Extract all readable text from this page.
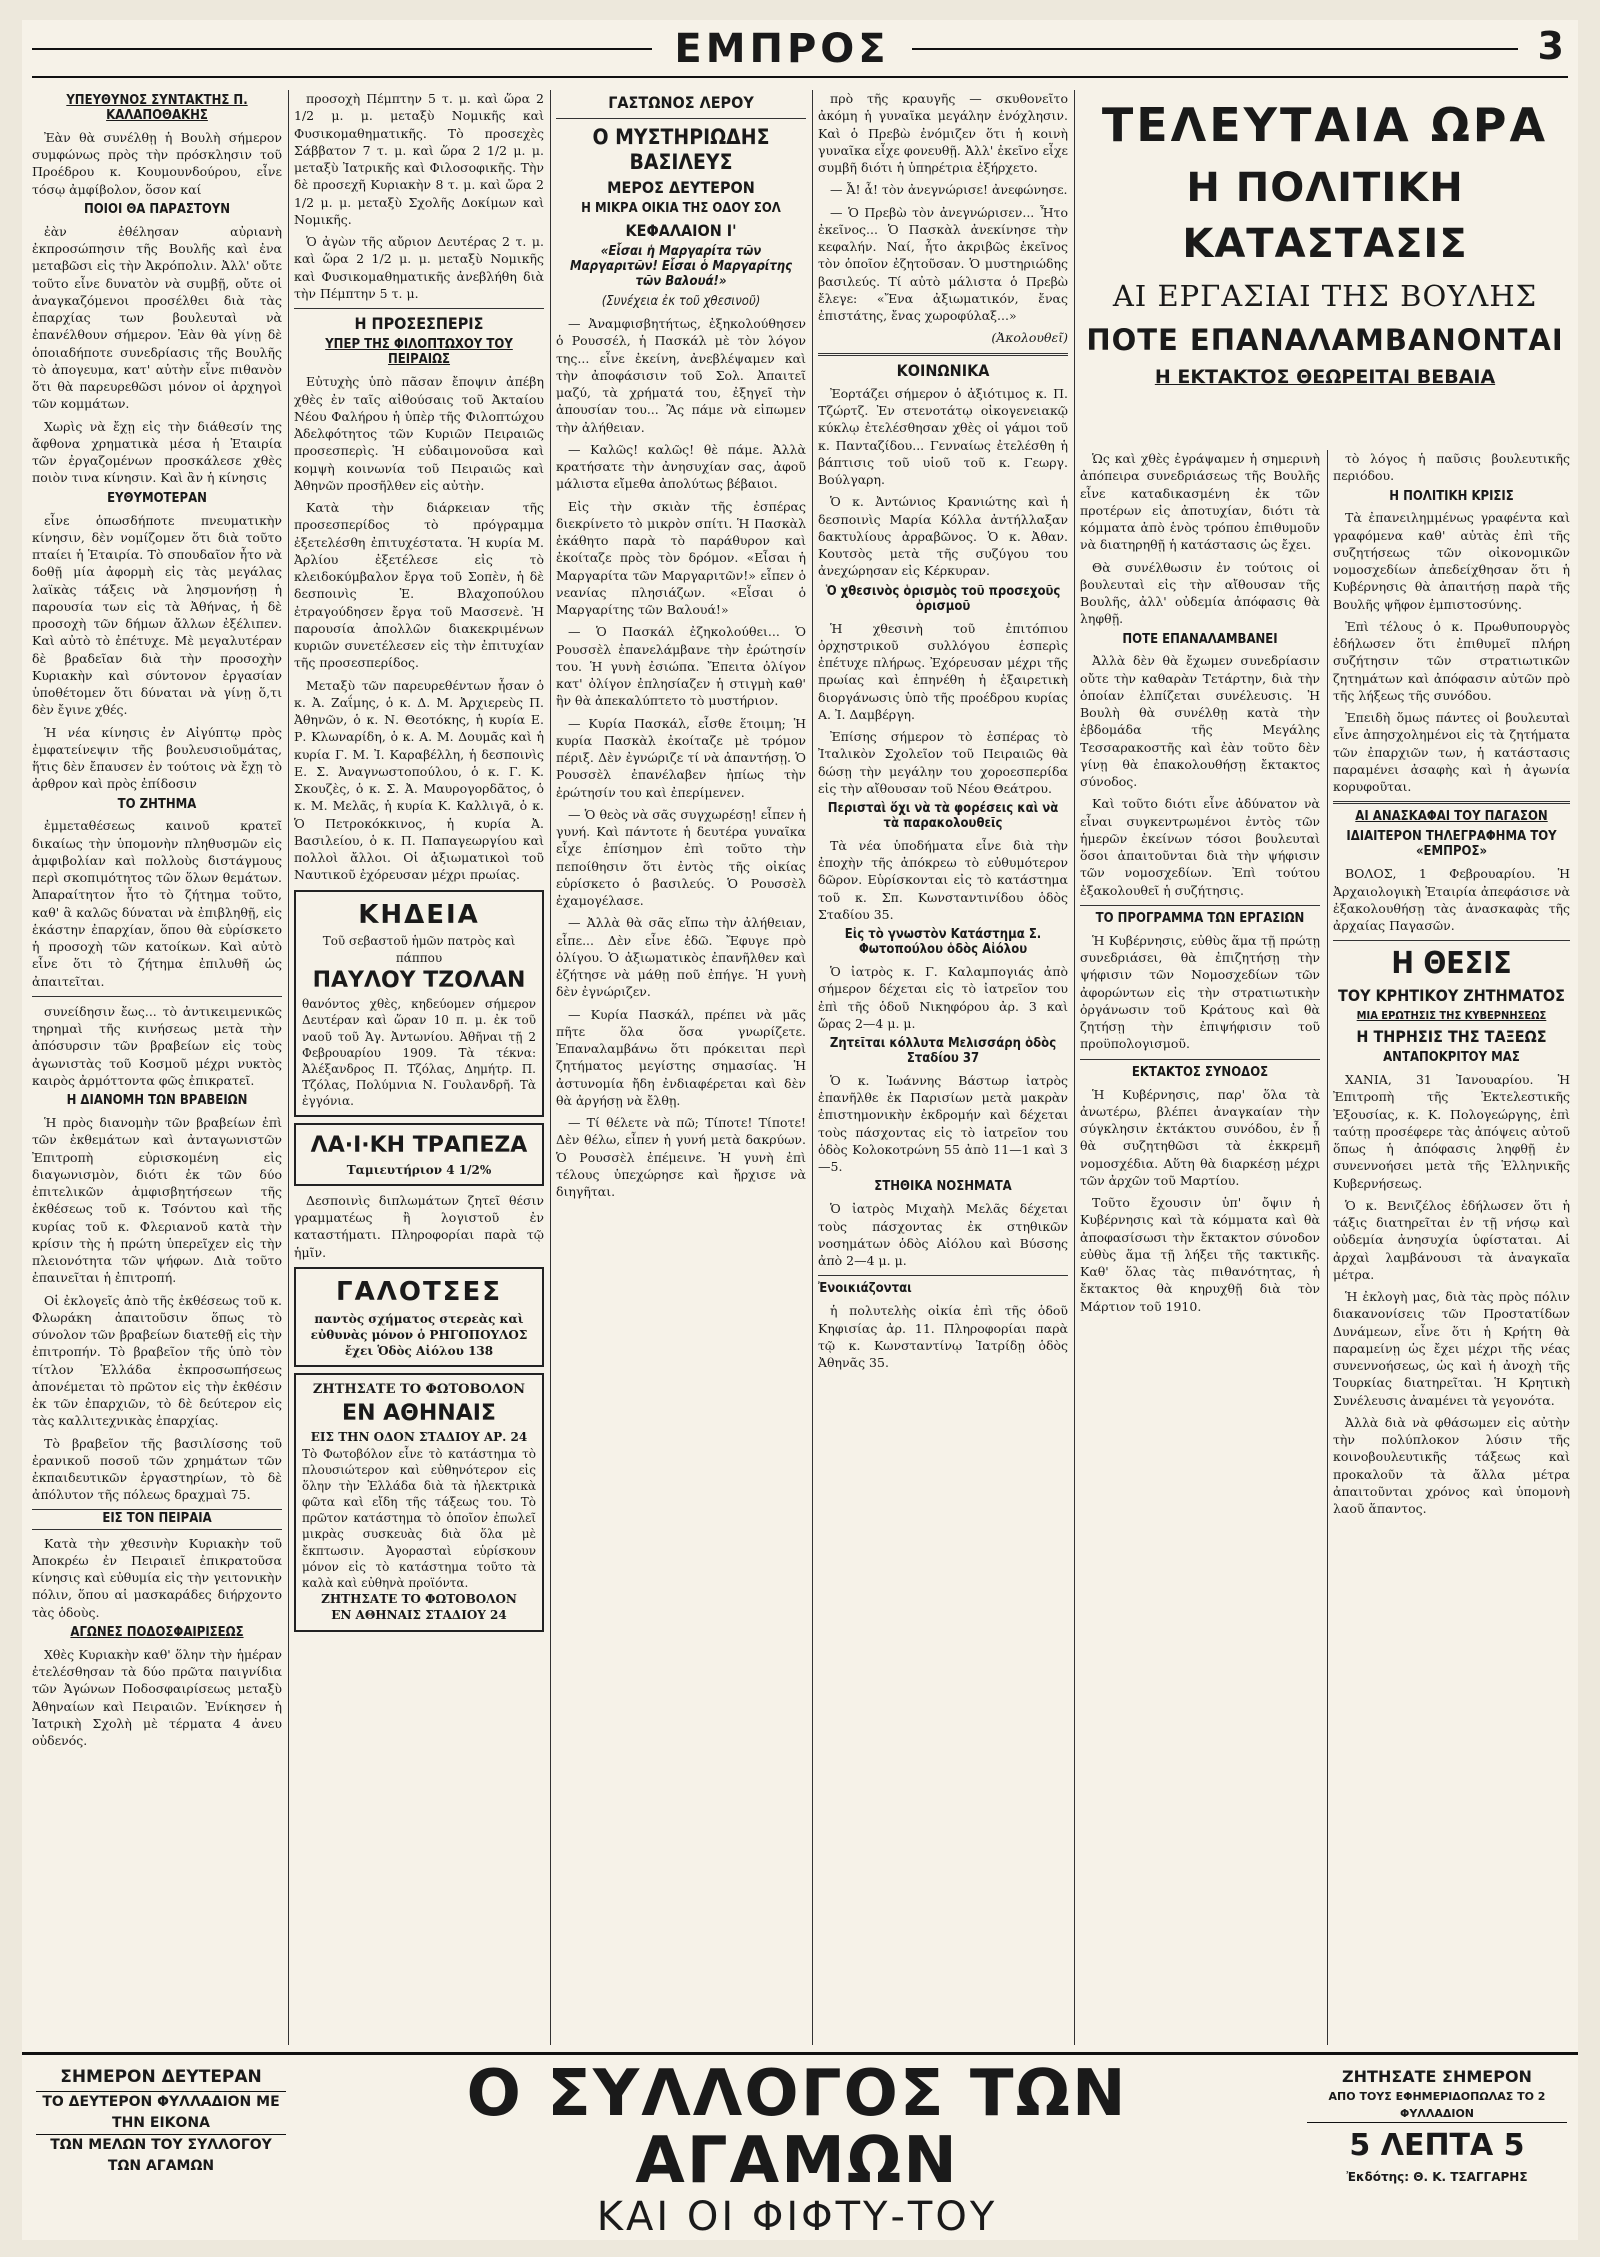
ΕΜΠΡΟΣ	3
ΥΠΕΥΘΥΝΟΣ ΣΥΝΤΑΚΤΗΣ Π. ΚΑΛΑΠΟΘΑΚΗΣ

Ἐὰν θὰ συνέλθῃ ἡ Βουλὴ σήμερον συμφώνως πρὸς τὴν πρόσκλησιν τοῦ Προέδρου κ. Κουμουνδούρου, εἶνε τόσῳ ἀμφίβολον, ὅσον καί

ΠΟΙΟΙ ΘΑ ΠΑΡΑΣΤΟΥΝ

ἐὰν ἐθέλησαν αὐριανὴ ἐκπροσώπησιν τῆς Βουλῆς καὶ ἐνα μεταβῶσι εἰς τὴν Ἀκρόπολιν. Ἀλλ' οὔτε τοῦτο εἶνε δυνατὸν νὰ συμβῇ, οὔτε οἱ ἀναγκαζόμενοι προσέλθει διὰ τὰς ἐπαρχίας των βουλευταὶ νὰ ἐπανέλθουν σήμερον. Ἐὰν θὰ γίνῃ δὲ ὁποιαδήποτε συνεδρίασις τῆς Βουλῆς τὸ ἀπογευμα, κατ' αὐτὴν εἶνε πιθανὸν ὅτι θὰ παρευρεθῶσι μόνον οἱ ἀρχηγοὶ τῶν κομμάτων.

Χωρὶς νὰ ἔχῃ εἰς τὴν διάθεσίν της ἄφθονα χρηματικὰ μέσα ἡ Ἑταιρία τῶν ἐργαζομένων προσκάλεσε χθὲς ποιὸν τινα κίνησιν. Καὶ ἂν ἡ κίνησις

ΕΥΘΥΜΟΤΕΡΑΝ

εἶνε ὁπωσδήποτε πνευματικὴν κίνησιν, δὲν νομίζομεν ὅτι διὰ τοῦτο πταίει ἡ Ἑταιρία. Τὸ σπουδαῖον ἦτο νὰ δοθῇ μία ἀφορμὴ εἰς τὰς μεγάλας λαϊκὰς τάξεις νὰ λησμονήσῃ ἡ παρουσία των εἰς τὰ Ἀθήνας, ἡ δὲ προσοχὴ τῶν δήμων ἄλλων ἐξέλιπεν. Καὶ αὐτὸ τὸ ἐπέτυχε. Μὲ μεγαλυτέραν δὲ βραδεῖαν διὰ τὴν προσοχὴν Κυριακὴν καὶ σύντονον ἐργασίαν ὑποθέτομεν ὅτι δύναται νὰ γίνῃ ὅ,τι δὲν ἔγινε χθές.

Ἡ νέα κίνησις ἐν Αἰγύπτῳ πρὸς ἐμφατείνεψιν τῆς βουλευσιοῦμάτας, ἥτις δὲν ἔπαυσεν ἐν τούτοις νὰ ἔχῃ τὸ ἀρθρον καὶ πρὸς ἐπίδοσιν

ΤΟ ΖΗΤΗΜΑ

ἐμμεταθέσεως καινοῦ κρατεῖ δικαίως τὴν ὑπομονὴν πληθυσμῶν εἰς ἀμφιβολίαν καὶ πολλοὺς διστάγμους περὶ σκοπιμότητος τῶν ὅλων θεμάτων. Ἀπαραίτητον ἦτο τὸ ζήτημα τοῦτο, καθ' ἃ καλῶς δύναται νὰ ἐπιβληθῇ, εἰς ἑκάστην ἐπαρχίαν, ὅπου θὰ εὑρίσκετο ἡ προσοχὴ τῶν κατοίκων. Καὶ αὐτὸ εἶνε ὅτι τὸ ζήτημα ἐπιλυθῆ ὡς ἀπαιτεῖται.

συνείδησιν ἔως... τὸ ἀντικειμενικῶς τηρημαὶ τῆς κινήσεως μετὰ τὴν ἀπόσυρσιν τῶν βραβείων εἰς τοὺς ἀγωνιστὰς τοῦ Κοσμοῦ μέχρι νυκτὸς καιρὸς ἀρμόττοντα φῶς ἐπικρατεῖ.

Η ΔΙΑΝΟΜΗ ΤΩΝ ΒΡΑΒΕΙΩΝ

Ἡ πρὸς διανομὴν τῶν βραβείων ἐπὶ τῶν ἐκθεμάτων καὶ ἀνταγωνιστῶν Ἐπιτροπὴ εὑρισκομένη εἰς διαγωνισμὸν, διότι ἐκ τῶν δύο ἐπιτελικῶν ἀμφισβητήσεων τῆς ἐκθέσεως τοῦ κ. Τσόντου καὶ τῆς κυρίας τοῦ κ. Φλεριανοῦ κατὰ τὴν κρίσιν τὴς ἡ πρώτη ὑπερεῖχεν εἰς τὴν πλειονότητα τῶν ψήφων. Διὰ τοῦτο ἐπαινεῖται ἡ ἐπιτροπή.

Οἱ ἐκλογεῖς ἀπὸ τῆς ἐκθέσεως τοῦ κ. Φλωράκη ἀπαιτοῦσιν ὅπως τὸ σύνολον τῶν βραβείων διατεθῇ εἰς τὴν ἐπιτροπήν. Τὸ βραβεῖον τῆς ὑπὸ τὸν τίτλον Ἑλλάδα ἐκπροσωπήσεως ἀπονέμεται τὸ πρῶτον εἰς τὴν ἐκθέσιν ἐκ τῶν ἐπαρχιῶν, τὸ δὲ δεύτερον εἰς τὰς καλλιτεχνικὰς ἐπαρχίας.

Τὸ βραβεῖον τῆς βασιλίσσης τοῦ ἐρανικοῦ ποσοῦ τῶν χρημάτων τῶν ἐκπαιδευτικῶν ἐργαστηρίων, τὸ δὲ ἀπόλυτον τῆς πόλεως δραχμαὶ 75.

ΕΙΣ ΤΟΝ ΠΕΙΡΑΙΑ

Κατὰ τὴν χθεσινὴν Κυριακὴν τοῦ Ἀποκρέω ἐν Πειραιεῖ ἐπικρατοῦσα κίνησις καὶ εὐθυμία εἰς τὴν γειτονικὴν πόλιν, ὅπου αἱ μασκαράδες διήρχοντο τὰς ὁδοὺς.

ΑΓΩΝΕΣ ΠΟΔΟΣΦΑΙΡΙΣΕΩΣ

Χθὲς Κυριακὴν καθ' ὅλην τὴν ἡμέραν ἐτελέσθησαν τὰ δύο πρῶτα παιγνίδια τῶν Ἀγώνων Ποδοσφαιρίσεως μεταξὺ Ἀθηναίων καὶ Πειραιῶν. Ἐνίκησεν ἡ Ἰατρικὴ Σχολὴ μὲ τέρματα 4 ἀνευ οὐδενός.

προσοχὴ Πέμπτην 5 τ. μ. καὶ ὥρα 2 1/2 μ. μ. μεταξὺ Νομικῆς καὶ Φυσικομαθηματικῆς. Τὸ προσεχὲς Σάββατον 7 τ. μ. καὶ ὥρα 2 1/2 μ. μ. μεταξὺ Ἰατρικῆς καὶ Φιλοσοφικῆς. Τὴν δὲ προσεχῆ Κυριακὴν 8 τ. μ. καὶ ὥρα 2 1/2 μ. μ. μεταξὺ Σχολῆς Δοκίμων καὶ Νομικῆς.

Ὁ ἀγὼν τῆς αὔριον Δευτέρας 2 τ. μ. καὶ ὥρα 2 1/2 μ. μ. μεταξὺ Νομικῆς καὶ Φυσικομαθηματικῆς ἀνεβλήθη διὰ τὴν Πέμπτην 5 τ. μ.

Η ΠΡΟΣΕΣΠΕΡΙΣ
ΥΠΕΡ ΤΗΣ ΦΙΛΟΠΤΩΧΟΥ ΤΟΥ ΠΕΙΡΑΙΩΣ

Εὐτυχὴς ὑπὸ πᾶσαν ἔποψιν ἀπέβη χθὲς ἐν ταῖς αἰθούσαις τοῦ Ἀκταίου Νέου Φαλήρου ἡ ὑπὲρ τῆς Φιλοπτώχου Ἀδελφότητος τῶν Κυριῶν Πειραιῶς προσεσπερὶς. Ἡ εὐδαιμονοῦσα καὶ κομψὴ κοινωνία τοῦ Πειραιῶς καὶ Ἀθηνῶν προσῆλθεν εἰς αὐτὴν.

Κατὰ τὴν διάρκειαν τῆς προσεσπερίδος τὸ πρόγραμμα ἐξετελέσθη ἐπιτυχέστατα. Ἡ κυρία Μ. Ἀρλίου ἐξετέλεσε εἰς τὸ κλειδοκύμβαλον ἔργα τοῦ Σοπὲν, ἡ δὲ δεσποινὶς Ἑ. Βλαχοπούλου ἐτραγούδησεν ἔργα τοῦ Μασσενὲ. Ἡ παρουσία ἀπολλῶν διακεκριμένων κυριῶν συνετέλεσεν εἰς τὴν ἐπιτυχίαν τῆς προσεσπερίδος.

Μεταξὺ τῶν παρευρεθέντων ἦσαν ὁ κ. Ἀ. Ζαΐμης, ὁ κ. Δ. Μ. Ἀρχιερεὺς Π. Ἀθηνῶν, ὁ κ. Ν. Θεοτόκης, ἡ κυρία Ε. Ρ. Κλωναρίδη, ὁ κ. Α. Μ. Δουμᾶς καὶ ἡ κυρία Γ. Μ. Ἰ. Καραβέλλη, ἡ δεσποινὶς Ε. Σ. Ἀναγνωστοπούλου, ὁ κ. Γ. Κ. Σκουζὲς, ὁ κ. Σ. Ἀ. Μαυρογορδᾶτος, ὁ κ. Μ. Μελᾶς, ἡ κυρία Κ. Καλλιγᾶ, ὁ κ. Ὁ Πετροκόκκινος, ἡ κυρία Ἀ. Βασιλείου, ὁ κ. Π. Παπαγεωργίου καὶ πολλοὶ ἄλλοι. Οἱ ἀξιωματικοὶ τοῦ Ναυτικοῦ ἐχόρευσαν μέχρι πρωίας.

ΚΗΔΕΙΑ
Τοῦ σεβαστοῦ ἡμῶν πατρὸς καὶ πάππου
ΠΑΥΛΟΥ ΤΖΟΛΑΝ
θανόντος χθὲς, κηδεύομεν σήμερον Δευτέραν καὶ ὥραν 10 π. μ. ἐκ τοῦ ναοῦ τοῦ Ἁγ. Ἀντωνίου. Ἀθῆναι τῇ 2 Φεβρουαρίου 1909. Τὰ τέκνα: Ἀλέξανδρος Π. Τζόλας, Δημήτρ. Π. Τζόλας, Πολύμνια Ν. Γουλανδρῆ. Τὰ ἐγγόνια.
ΛΑ·Ι·ΚΗ ΤΡΑΠΕΖΑ
Ταμιευτήριον 4 1/2%

Δεσποινὶς διπλωμάτων ζητεῖ θέσιν γραμματέως ἢ λογιστοῦ ἐν καταστήματι. Πληροφορίαι παρὰ τῷ ἡμῖν.

ΓΑΛΟΤΣΕΣ
παντὸς σχήματος στερεὰς καὶ εὐθυνὰς μόνον ὁ ΡΗΓΟΠΟΥΛΟΣ ἔχει Ὁδὸς Αἰόλου 138
ΖΗΤΗΣΑΤΕ ΤΟ ΦΩΤΟΒΟΛΟΝ
ΕΝ ΑΘΗΝΑΙΣ
ΕΙΣ ΤΗΝ ΟΔΟΝ ΣΤΑΔΙΟΥ ΑΡ. 24
Τὸ Φωτοβόλον εἶνε τὸ κατάστημα τὸ πλουσιώτερον καὶ εὐθηνότερον εἰς ὅλην τὴν Ἑλλάδα διὰ τὰ ἠλεκτρικὰ φῶτα καὶ εἴδη τῆς τάξεως του. Τὸ πρῶτον κατάστημα τὸ ὁποῖον ἐπωλεῖ μικρὰς συσκευὰς διὰ ὅλα μὲ ἔκπτωσιν. Ἀγορασταὶ εὑρίσκουν μόνον εἰς τὸ κατάστημα τοῦτο τὰ καλὰ καὶ εὐθηνὰ προϊόντα.
ΖΗΤΗΣΑΤΕ ΤΟ ΦΩΤΟΒΟΛΟΝ
ΕΝ ΑΘΗΝΑΙΣ ΣΤΑΔΙΟΥ 24
ΓΑΣΤΩΝΟΣ ΛΕΡΟΥ
Ο ΜΥΣΤΗΡΙΩΔΗΣ ΒΑΣΙΛΕΥΣ
ΜΕΡΟΣ ΔΕΥΤΕΡΟΝ
Η ΜΙΚΡΑ ΟΙΚΙΑ ΤΗΣ ΟΔΟΥ ΣΟΛ
ΚΕΦΑΛΑΙΟΝ Ι'
«Εἶσαι ἡ Μαργαρίτα τῶν Μαργαριτῶν! Εἶσαι ὁ Μαργαρίτης τῶν Βαλουά!»
(Συνέχεια ἐκ τοῦ χθεσινοῦ)

— Ἀναμφισβητήτως, ἐξηκολούθησεν ὁ Ρουσσέλ, ἡ Πασκάλ μὲ τὸν λόγον της... εἶνε ἐκείνη, ἀνεβλέψαμεν καὶ τὴν ἀποφάσισιν τοῦ Σολ. Ἀπαιτεῖ μαζύ, τὰ χρήματά του, ἐξηγεῖ τὴν ἀπουσίαν του... Ἂς πάμε νὰ εἰπωμεν τὴν ἀλήθειαν.

— Καλῶς! καλῶς! θὲ πάμε. Ἀλλὰ κρατήσατε τὴν ἀνησυχίαν σας, ἀφοῦ μάλιστα εἴμεθα ἀπολύτως βέβαιοι.

Εἰς τὴν σκιὰν τῆς ἐσπέρας διεκρίνετο τὸ μικρὸν σπίτι. Ἡ Πασκὰλ ἐκάθητο παρὰ τὸ παράθυρον καὶ ἐκοίταζε πρὸς τὸν δρόμον. «Εἶσαι ἡ Μαργαρίτα τῶν Μαργαριτῶν!» εἶπεν ὁ νεανίας πλησιάζων. «Εἶσαι ὁ Μαργαρίτης τῶν Βαλουά!»

— Ὁ Πασκάλ ἐζηκολούθει... Ὁ Ρουσσὲλ ἐπανελάμβανε τὴν ἐρώτησίν του. Ἡ γυνὴ ἐσιώπα. Ἔπειτα ὀλίγον κατ' ὀλίγον ἐπλησίαζεν ἡ στιγμὴ καθ' ἣν θὰ ἀπεκαλύπτετο τὸ μυστήριον.

— Κυρία Πασκάλ, εἶσθε ἕτοιμη; Ἡ κυρία Πασκὰλ ἐκοίταζε μὲ τρόμον πέριξ. Δὲν ἐγνώριζε τί νὰ ἀπαντήσῃ. Ὁ Ρουσσὲλ ἐπανέλαβεν ἠπίως τὴν ἐρώτησίν του καὶ ἐπερίμενεν.

— Ὁ θεὸς νὰ σᾶς συγχωρέσῃ! εἶπεν ἡ γυνή. Καὶ πάντοτε ἡ δευτέρα γυναῖκα εἶχε ἐπίσημον ἐπὶ τοῦτο τὴν πεποίθησιν ὅτι ἐντὸς τῆς οἰκίας εὑρίσκετο ὁ βασιλεύς. Ὁ Ρουσσὲλ ἐχαμογέλασε.

— Ἀλλὰ θὰ σᾶς εἴπω τὴν ἀλήθειαν, εἶπε... Δὲν εἶνε ἐδῶ. Ἔφυγε πρὸ ὀλίγου. Ὁ ἀξιωματικὸς ἐπανῆλθεν καὶ ἐζήτησε νὰ μάθῃ ποῦ ἐπήγε. Ἡ γυνὴ δὲν ἐγνώριζεν.

— Κυρία Πασκάλ, πρέπει νὰ μᾶς πῆτε ὅλα ὅσα γνωρίζετε. Ἐπαναλαμβάνω ὅτι πρόκειται περὶ ζητήματος μεγίστης σημασίας. Ἡ ἀστυνομία ἤδη ἐνδιαφέρεται καὶ δὲν θὰ ἀργήσῃ νὰ ἔλθῃ.

— Τί θέλετε νὰ πῶ; Τίποτε! Τίποτε! Δὲν θέλω, εἶπεν ἡ γυνή μετὰ δακρύων. Ὁ Ρουσσὲλ ἐπέμεινε. Ἡ γυνὴ ἐπὶ τέλους ὑπεχώρησε καὶ ἤρχισε νὰ διηγῆται.

πρὸ τῆς κραυγῆς — σκυθονεῖτο ἀκόμη ἡ γυναῖκα μεγάλην ἐνόχλησιν. Καὶ ὁ Πρεβὼ ἐνόμιζεν ὅτι ἡ κοινὴ γυναῖκα εἶχε φονευθῇ. Ἀλλ' ἐκεῖνο εἶχε συμβῆ διότι ἡ ὑπηρέτρια ἐξήρχετο.

— Ἆ! ἆ! τὸν ἀνεγνώρισε! ἀνεφώνησε.

— Ὁ Πρεβὼ τὸν ἀνεγνώρισεν... Ἦτο ἐκεῖνος... Ὁ Πασκὰλ ἀνεκίνησε τὴν κεφαλήν. Ναί, ἦτο ἀκριβῶς ἐκεῖνος τὸν ὁποῖον ἐζητοῦσαν. Ὁ μυστηριώδης βασιλεύς. Τί αὐτὸ μάλιστα ὁ Πρεβὼ ἔλεγε: «Ἔνα ἀξιωματικόν, ἔνας ἐπιστάτης, ἔνας χωροφύλαξ...»

(Ἀκολουθεῖ)
ΚΟΙΝΩΝΙΚΑ

Ἐορτάζει σήμερον ὁ ἀξιότιμος κ. Π. Τζώρτζ. Ἐν στενοτάτῳ οἰκογενειακῷ κύκλῳ ἐτελέσθησαν χθὲς οἱ γάμοι τοῦ κ. Πανταζίδου... Γενναίως ἐτελέσθη ἡ βάπτισις τοῦ υἱοῦ τοῦ κ. Γεωργ. Βούλγαρη.

Ὁ κ. Ἀντώνιος Κρανιώτης καὶ ἡ δεσποινὶς Μαρία Κόλλα ἀντήλλαξαν δακτυλίους ἀρραβῶνος. Ὁ κ. Ἀθαν. Κουτσὸς μετὰ τῆς συζύγου του ἀνεχώρησαν εἰς Κέρκυραν.

Ὁ χθεσινὸς ὁρισμὸς τοῦ προσεχοῦς ὁρισμοῦ

Ἡ χθεσινὴ τοῦ ἐπιτόπιου ὀρχηστρικοῦ συλλόγου ἑσπερὶς ἐπέτυχε πλήρως. Ἐχόρευσαν μέχρι τῆς πρωίας καὶ ἐπηνέθη ἡ ἐξαιρετικὴ διοργάνωσις ὑπὸ τῆς προέδρου κυρίας Α. Ἰ. Δαμβέργη.

Ἐπίσης σήμερον τὸ ἑσπέρας τὸ Ἰταλικὸν Σχολεῖον τοῦ Πειραιῶς θὰ δώσῃ τὴν μεγάλην του χοροεσπερίδα εἰς τὴν αἴθουσαν τοῦ Νέου Θεάτρου.

Περισταὶ ὅχι νὰ τὰ φορέσεις καὶ νὰ τὰ παρακολουθεῖς

Τὰ νέα ὑποδήματα εἶνε διὰ τὴν ἐποχὴν τῆς ἀπόκρεω τὸ εὐθυμότερον δῶρον. Εὑρίσκονται εἰς τὸ κατάστημα τοῦ κ. Σπ. Κωνσταντινίδου ὁδὸς Σταδίου 35.

Εἰς τὸ γνωστὸν Κατάστημα Σ. Φωτοπούλου ὁδὸς Αἰόλου

Ὁ ἰατρὸς κ. Γ. Καλαμπογιάς ἀπὸ σήμερον δέχεται εἰς τὸ ἰατρεῖον του ἐπὶ τῆς ὁδοῦ Νικηφόρου ἀρ. 3 καὶ ὥρας 2—4 μ. μ.

Ζητεῖται κόλλυτα Μελισσάρη ὁδὸς Σταδίου 37

Ὁ κ. Ἰωάννης Βάστωρ ἰατρὸς ἐπανῆλθε ἐκ Παρισίων μετὰ μακρὰν ἐπιστημονικὴν ἐκδρομήν καὶ δέχεται τοὺς πάσχοντας εἰς τὸ ἰατρεῖον του ὁδὸς Κολοκοτρώνη 55 ἀπὸ 11—1 καὶ 3—5.

ΣΤΗΘΙΚΑ ΝΟΣΗΜΑΤΑ

Ὁ ἰατρὸς Μιχαὴλ Μελᾶς δέχεται τοὺς πάσχοντας ἐκ στηθικῶν νοσημάτων ὁδὸς Αἰόλου καὶ Βύσσης ἀπὸ 2—4 μ. μ.

Ἐνοικιάζονται

ἡ πολυτελὴς οἰκία ἐπὶ τῆς ὁδοῦ Κηφισίας ἀρ. 11. Πληροφορίαι παρὰ τῷ κ. Κωνσταντίνῳ Ἰατρίδῃ ὁδὸς Ἀθηνᾶς 35.

ΤΕΛΕΥΤΑΙΑ ΩΡΑ
Η ΠΟΛΙΤΙΚΗ ΚΑΤΑΣΤΑΣΙΣ
ΑΙ ΕΡΓΑΣΙΑΙ ΤΗΣ ΒΟΥΛΗΣ
ΠΟΤΕ ΕΠΑΝΑΛΑΜΒΑΝΟΝΤΑΙ
Η ΕΚΤΑΚΤΟΣ ΘΕΩΡΕΙΤΑΙ ΒΕΒΑΙΑ

Ὡς καὶ χθὲς ἐγράψαμεν ἡ σημερινὴ ἀπόπειρα συνεδριάσεως τῆς Βουλῆς εἶνε καταδικασμένη ἐκ τῶν προτέρων εἰς ἀποτυχίαν, διότι τὰ κόμματα ἀπὸ ἑνὸς τρόπου ἐπιθυμοῦν νὰ διατηρηθῇ ἡ κατάστασις ὡς ἔχει.

Θὰ συνέλθωσιν ἐν τούτοις οἱ βουλευταὶ εἰς τὴν αἴθουσαν τῆς Βουλῆς, ἀλλ' οὐδεμία ἀπόφασις θὰ ληφθῇ.

ΠΟΤΕ ΕΠΑΝΑΛΑΜΒΑΝΕΙ

Ἀλλὰ δὲν θὰ ἔχωμεν συνεδρίασιν οὔτε τὴν καθαρὰν Τετάρτην, διὰ τὴν ὁποίαν ἐλπίζεται συνέλευσις. Ἡ Βουλὴ θὰ συνέλθῃ κατὰ τὴν ἑβδομάδα τῆς Μεγάλης Τεσσαρακοστῆς καὶ ἐὰν τοῦτο δὲν γίνῃ θὰ ἐπακολουθήσῃ ἔκτακτος σύνοδος.

Καὶ τοῦτο διότι εἶνε ἀδύνατον νὰ εἶναι συγκεντρωμένοι ἐντὸς τῶν ἡμερῶν ἐκείνων τόσοι βουλευταὶ ὅσοι ἀπαιτοῦνται διὰ τὴν ψήφισιν τῶν νομοσχεδίων. Ἐπὶ τούτου ἐξακολουθεῖ ἡ συζήτησις.

ΤΟ ΠΡΟΓΡΑΜΜΑ ΤΩΝ ΕΡΓΑΣΙΩΝ

Ἡ Κυβέρνησις, εὐθὺς ἅμα τῇ πρώτῃ συνεδριάσει, θὰ ἐπιζητήσῃ τὴν ψήφισιν τῶν Νομοσχεδίων τῶν ἀφορώντων εἰς τὴν στρατιωτικὴν ὀργάνωσιν τοῦ Κράτους καὶ θὰ ζητήσῃ τὴν ἐπιψήφισιν τοῦ προϋπολογισμοῦ.

ΕΚΤΑΚΤΟΣ ΣΥΝΟΔΟΣ

Ἡ Κυβέρνησις, παρ' ὅλα τὰ ἀνωτέρω, βλέπει ἀναγκαίαν τὴν σύγκλησιν ἐκτάκτου συνόδου, ἐν ᾗ θὰ συζητηθῶσι τὰ ἐκκρεμῆ νομοσχέδια. Αὕτη θὰ διαρκέσῃ μέχρι τῶν ἀρχῶν τοῦ Μαρτίου.

Τοῦτο ἔχουσιν ὑπ' ὄψιν ἡ Κυβέρνησις καὶ τὰ κόμματα καὶ θὰ ἀποφασίσωσι τὴν ἔκτακτον σύνοδον εὐθὺς ἅμα τῇ λήξει τῆς τακτικῆς. Καθ' ὅλας τὰς πιθανότητας, ἡ ἔκτακτος θὰ κηρυχθῇ διὰ τὸν Μάρτιον τοῦ 1910.

τὸ λόγος ἡ παῦσις βουλευτικῆς περιόδου.

Η ΠΟΛΙΤΙΚΗ ΚΡΙΣΙΣ

Τὰ ἐπανειλημμένως γραφέντα καὶ γραφόμενα καθ' αὐτὰς ἐπὶ τῆς συζητήσεως τῶν οἰκονομικῶν νομοσχεδίων ἀπεδείχθησαν ὅτι ἡ Κυβέρνησις θὰ ἀπαιτήσῃ παρὰ τῆς Βουλῆς ψῆφον ἐμπιστοσύνης.

Ἐπὶ τέλους ὁ κ. Πρωθυπουργὸς ἐδήλωσεν ὅτι ἐπιθυμεῖ πλήρη συζήτησιν τῶν στρατιωτικῶν ζητημάτων καὶ ἀπόφασιν αὐτῶν πρὸ τῆς λήξεως τῆς συνόδου.

Ἐπειδὴ ὅμως πάντες οἱ βουλευταὶ εἶνε ἀπησχολημένοι εἰς τὰ ζητήματα τῶν ἐπαρχιῶν των, ἡ κατάστασις παραμένει ἀσαφὴς καὶ ἡ ἀγωνία κορυφοῦται.

ΑΙ ΑΝΑΣΚΑΦΑΙ ΤΟΥ ΠΑΓΑΣΟΝ
ΙΔΙΑΙΤΕΡΟΝ ΤΗΛΕΓΡΑΦΗΜΑ ΤΟΥ «ΕΜΠΡΟΣ»

ΒΟΛΟΣ, 1 Φεβρουαρίου. Ἡ Ἀρχαιολογικὴ Ἑταιρία ἀπεφάσισε νὰ ἐξακολουθήσῃ τὰς ἀνασκαφὰς τῆς ἀρχαίας Παγασῶν.

Η ΘΕΣΙΣ
ΤΟΥ ΚΡΗΤΙΚΟΥ ΖΗΤΗΜΑΤΟΣ
ΜΙΑ ΕΡΩΤΗΣΙΣ ΤΗΣ ΚΥΒΕΡΝΗΣΕΩΣ
Η ΤΗΡΗΣΙΣ ΤΗΣ ΤΑΞΕΩΣ
ΑΝΤΑΠΟΚΡΙΤΟΥ ΜΑΣ

ΧΑΝΙΑ, 31 Ἰανουαρίου. Ἡ Ἐπιτροπὴ τῆς Ἐκτελεστικῆς Ἐξουσίας, κ. Κ. Πολογεώργης, ἐπὶ ταύτῃ προσέφερε τὰς ἀπόψεις αὐτοῦ ὅπως ἡ ἀπόφασις ληφθῇ ἐν συνεννοήσει μετὰ τῆς Ἑλληνικῆς Κυβερνήσεως.

Ὁ κ. Βενιζέλος ἐδήλωσεν ὅτι ἡ τάξις διατηρεῖται ἐν τῇ νήσῳ καὶ οὐδεμία ἀνησυχία ὑφίσταται. Αἱ ἀρχαὶ λαμβάνουσι τὰ ἀναγκαῖα μέτρα.

Ἡ ἐκλογὴ μας, διὰ τὰς πρὸς πόλιν διακανονίσεις τῶν Προστατίδων Δυνάμεων, εἶνε ὅτι ἡ Κρήτη θὰ παραμείνῃ ὡς ἔχει μέχρι τῆς νέας συνεννοήσεως, ὡς καὶ ἡ ἀνοχὴ τῆς Τουρκίας διατηρεῖται. Ἡ Κρητικὴ Συνέλευσις ἀναμένει τὰ γεγονότα.

Ἀλλὰ διὰ νὰ φθάσωμεν εἰς αὐτὴν τὴν πολύπλοκον λύσιν τῆς κοινοβουλευτικῆς τάξεως καὶ προκαλοῦν τὰ ἄλλα μέτρα ἀπαιτοῦνται χρόνος καὶ ὑπομονὴ λαοῦ ἅπαντος.

ΣΗΜΕΡΟΝ ΔΕΥΤΕΡΑΝ
ΤΟ ΔΕΥΤΕΡΟΝ ΦΥΛΛΑΔΙΟΝ ΜΕ ΤΗΝ ΕΙΚΟΝΑ
ΤΩΝ ΜΕΛΩΝ ΤΟΥ ΣΥΛΛΟΓΟΥ ΤΩΝ ΑΓΑΜΩΝ
Ο ΣΥΛΛΟΓΟΣ ΤΩΝ ΑΓΑΜΩΝ
ΚΑΙ ΟΙ ΦΙΦΤΥ-ΤΟΥ
ΖΗΤΗΣΑΤΕ ΣΗΜΕΡΟΝ
ΑΠΟ ΤΟΥΣ ΕΦΗΜΕΡΙΔΟΠΩΛΑΣ ΤΟ 2 ΦΥΛΛΑΔΙΟΝ
5 ΛΕΠΤΑ 5
Ἐκδότης: Θ. Κ. ΤΣΑΓΓΑΡΗΣ
